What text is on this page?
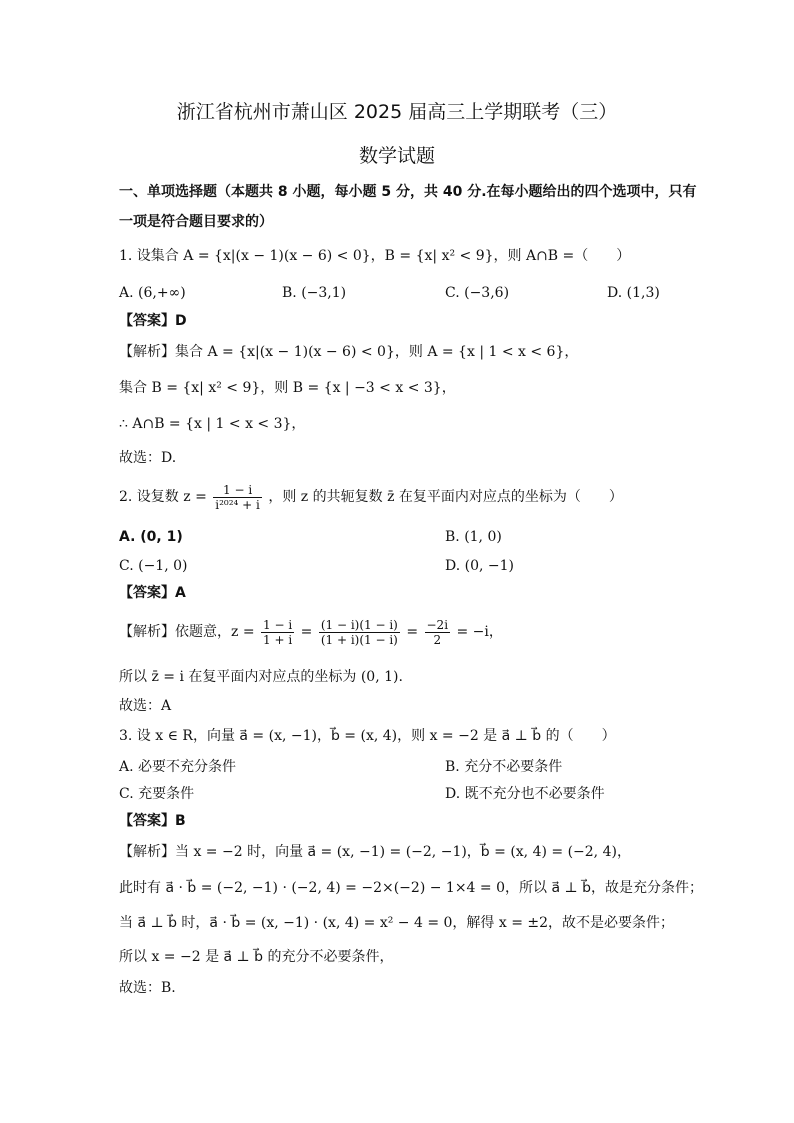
浙江省杭州市萧山区 2025 届高三上学期联考（三）
数学试题
一、单项选择题（本题共 8 小题，每小题 5 分，共 40 分.在每小题给出的四个选项中，只有
一项是符合题目要求的）
1. 设集合 A = {x|(x − 1)(x − 6) < 0}，B = {x| x² < 9}，则 A∩B =（　　）
A. (6,+∞)	B. (−3,1)	C. (−3,6)	D. (1,3)
【答案】D
【解析】集合 A = {x|(x − 1)(x − 6) < 0}，则 A = {x | 1 < x < 6}，
集合 B = {x| x² < 9}，则 B = {x | −3 < x < 3}，
∴ A∩B = {x | 1 < x < 3}，
故选：D.
2. 设复数 $z = \frac{1 - i}{\text{i²⁰²⁴ + i}}$ ，则 z 的共轭复数 z̄ 在复平面内对应点的坐标为（　　）
A. (0, 1)	B. (1, 0)
C. (−1, 0)	D. (0, −1)
【答案】A
【解析】依题意，$z = \frac{1 - i}{1 + i} = \frac{(1 - i)(1 - i)}{(1 + i)(1 - i)} = \frac{-2i}{2} = -i$，
所以 z̄ = i 在复平面内对应点的坐标为 (0, 1).
故选：A
3. 设 x ∈ R，向量 a⃗ = (x, −1)，b⃗ = (x, 4)，则 x = −2 是 a⃗ ⊥ b⃗ 的（　　）
A. 必要不充分条件	B. 充分不必要条件
C. 充要条件	D. 既不充分也不必要条件
【答案】B
【解析】当 x = −2 时，向量 a⃗ = (x, −1) = (−2, −1)，b⃗ = (x, 4) = (−2, 4)，
此时有 a⃗ · b⃗ = (−2, −1) · (−2, 4) = −2×(−2) − 1×4 = 0，所以 a⃗ ⊥ b⃗，故是充分条件；
当 a⃗ ⊥ b⃗ 时，a⃗ · b⃗ = (x, −1) · (x, 4) = x² − 4 = 0，解得 x = ±2，故不是必要条件；
所以 x = −2 是 a⃗ ⊥ b⃗ 的充分不必要条件，
故选：B.
